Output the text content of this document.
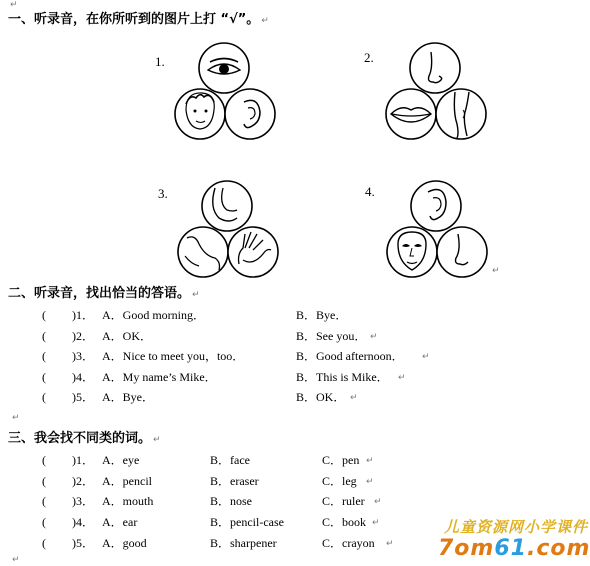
↵
一、听录音，在你所听到的图片上打 “√”。 ↵
1.	2.
3.	4.
↵
二、听录音，找出恰当的答语。 ↵
( )1． A．Good morning．	B．Bye．
( )2． A．OK．	B．See you． ↵
( )3． A．Nice to meet you，too．	B．Good afternoon． ↵
( )4． A．My name’s Mike．	B．This is Mike． ↵
( )5． A．Bye．	B．OK． ↵
↵
三、我会找不同类的词。 ↵
( )1． A．eye	B．face	C．pen ↵
( )2． A．pencil	B．eraser	C．leg ↵
( )3． A．mouth	B．nose	C．ruler ↵
( )4． A．ear	B．pencil-case	C．book ↵
( )5． A．good	B．sharpener	C．crayon ↵
↵
儿童资源网小学课件
7om61.com
